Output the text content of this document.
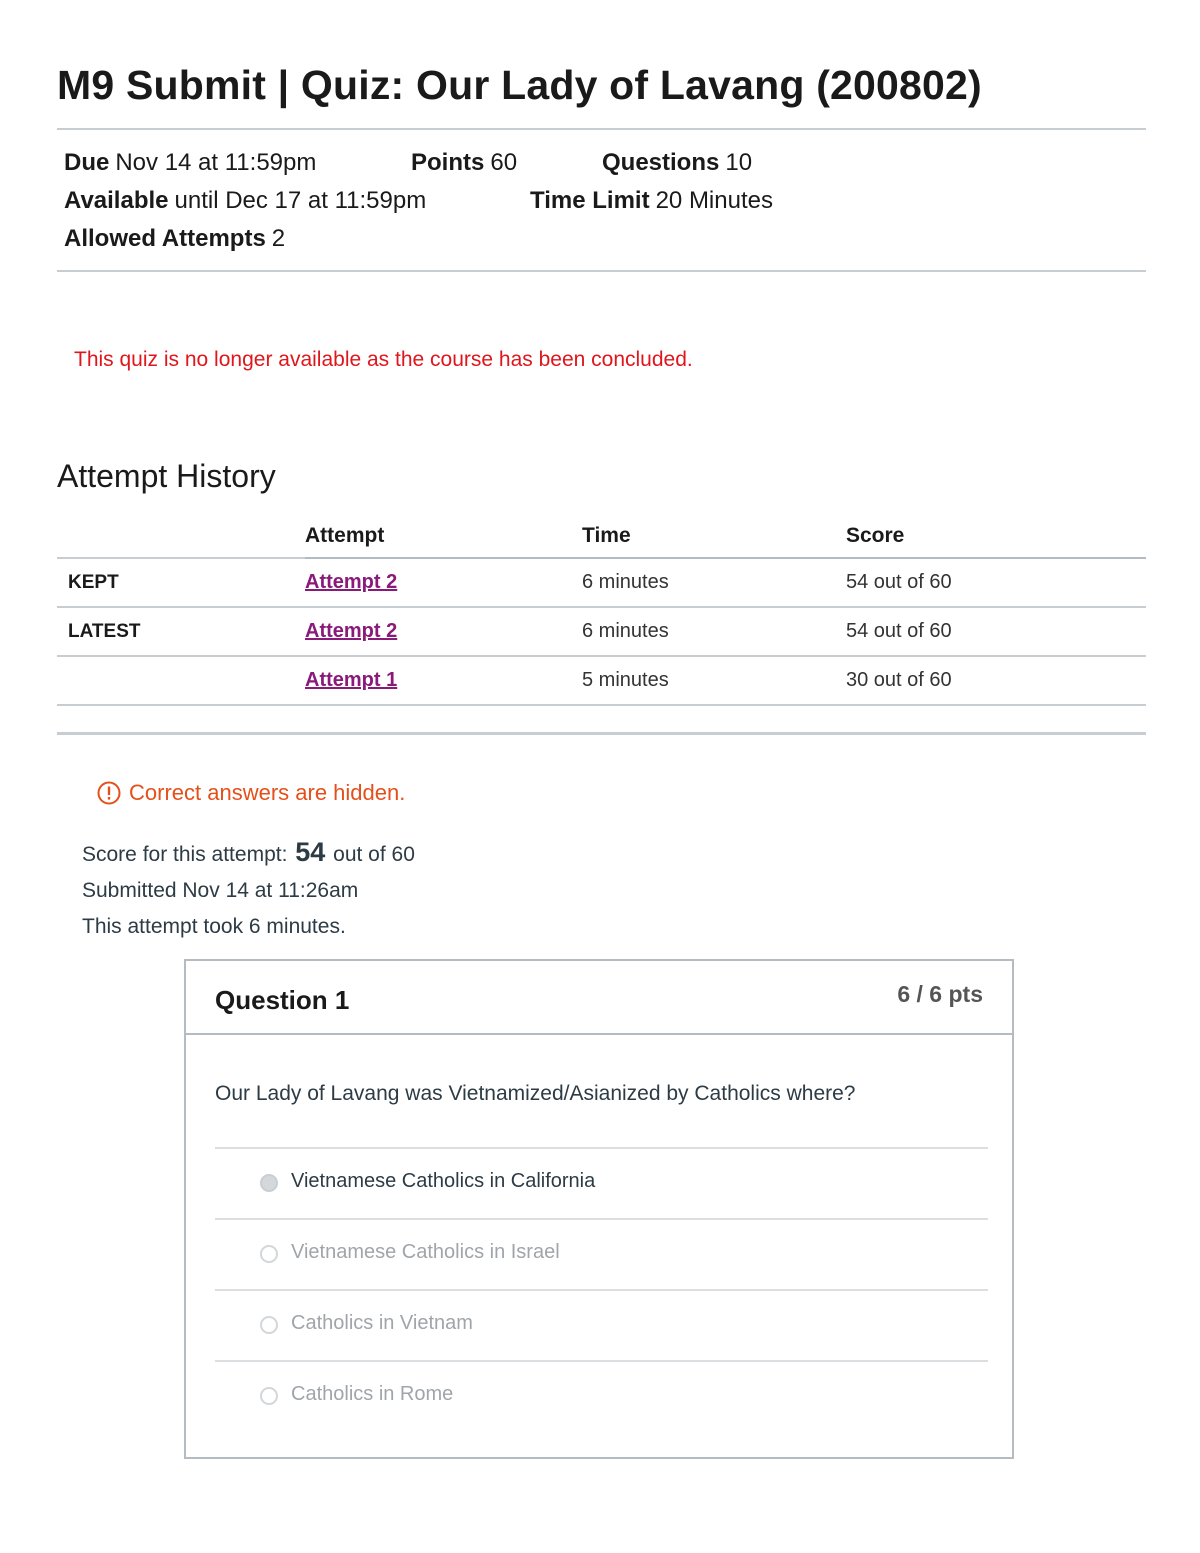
M9 Submit | Quiz: Our Lady of Lavang (200802)
Due Nov 14 at 11:59pm	Points 60	Questions 10
Available until Dec 17 at 11:59pm	Time Limit 20 Minutes
Allowed Attempts 2
This quiz is no longer available as the course has been concluded.
Attempt History
	Attempt	Time	Score
KEPT	Attempt 2	6 minutes	54 out of 60
LATEST	Attempt 2	6 minutes	54 out of 60
	Attempt 1	5 minutes	30 out of 60

Correct answers are hidden.
Score for this attempt: 54 out of 60
Submitted Nov 14 at 11:26am
This attempt took 6 minutes.
Question 1	6 / 6 pts
Our Lady of Lavang was Vietnamized/Asianized by Catholics where?
Vietnamese Catholics in California
Vietnamese Catholics in Israel
Catholics in Vietnam
Catholics in Rome
